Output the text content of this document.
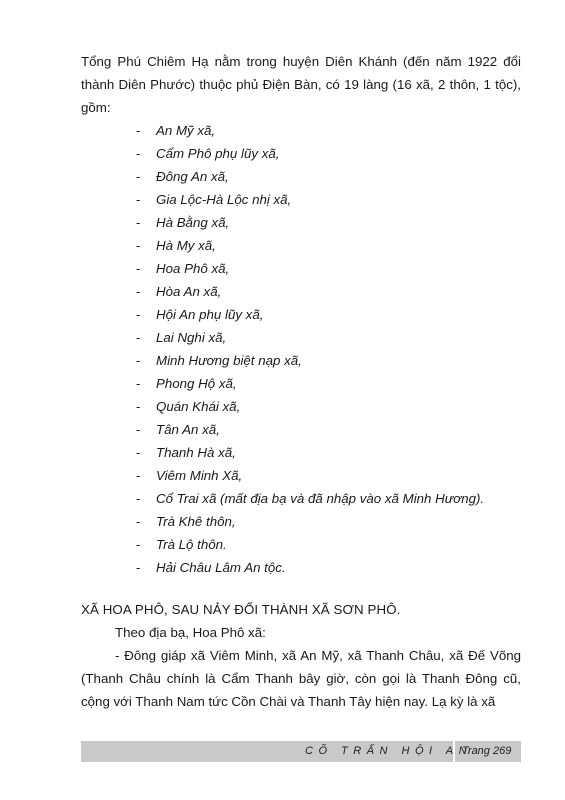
Tổng Phú Chiêm Hạ nằm trong huyện Diên Khánh (đến năm 1922 đổi thành Diên Phước) thuộc phủ Điện Bàn, có 19 làng (16 xã, 2 thôn, 1 tộc), gồm:

- An Mỹ xã,
- Cẩm Phô phụ lũy xã,
- Đông An xã,
- Gia Lộc-Hà Lộc nhị xã,
- Hà Bằng xã,
- Hà My xã,
- Hoa Phô xã,
- Hòa An xã,
- Hội An phụ lũy xã,
- Lai Nghi xã,
- Minh Hương biệt nạp xã,
- Phong Hộ xã,
- Quán Khái xã,
- Tân An xã,
- Thanh Hà xã,
- Viêm Minh Xã,
- Cổ Trai xã (mất địa bạ và đã nhập vào xã Minh Hương).
- Trà Khê thôn,
- Trà Lộ thôn.
- Hải Châu Lâm An tộc.
XÃ HOA PHÔ, SAU NẢY ĐỔI THÀNH XÃ SƠN PHÔ.

Theo địa bạ, Hoa Phô xã:

- Đông giáp xã Viêm Minh, xã An Mỹ, xã Thanh Châu, xã Đế Võng (Thanh Châu chính là Cẩm Thanh bây giờ, còn gọi là Thanh Đông cũ, cộng với Thanh Nam tức Cồn Chài và Thanh Tây hiện nay. Lạ kỳ là xã

CÕ TRẤN HỘI AN
Trang 269
